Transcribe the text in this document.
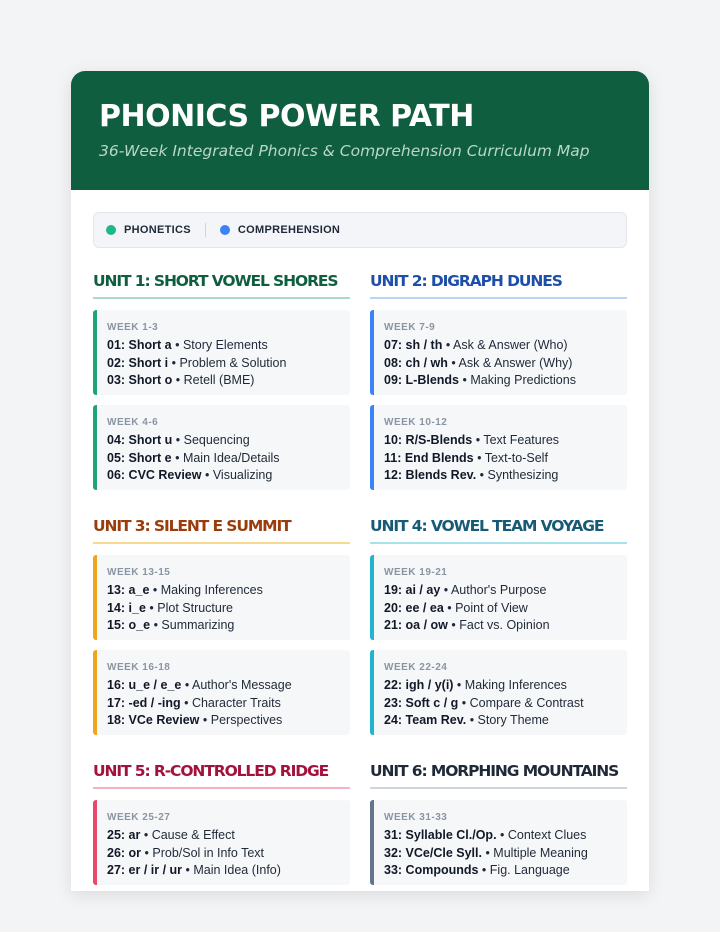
PHONICS POWER PATH
36-Week Integrated Phonics & Comprehension Curriculum Map
PHONETICS	COMPREHENSION
UNIT 1: SHORT VOWEL SHORES
WEEK 1-3
01: Short a • Story Elements
02: Short i • Problem & Solution
03: Short o • Retell (BME)
WEEK 4-6
04: Short u • Sequencing
05: Short e • Main Idea/Details
06: CVC Review • Visualizing
UNIT 2: DIGRAPH DUNES
WEEK 7-9
07: sh / th • Ask & Answer (Who)
08: ch / wh • Ask & Answer (Why)
09: L-Blends • Making Predictions
WEEK 10-12
10: R/S-Blends • Text Features
11: End Blends • Text-to-Self
12: Blends Rev. • Synthesizing
UNIT 3: SILENT E SUMMIT
WEEK 13-15
13: a_e • Making Inferences
14: i_e • Plot Structure
15: o_e • Summarizing
WEEK 16-18
16: u_e / e_e • Author's Message
17: -ed / -ing • Character Traits
18: VCe Review • Perspectives
UNIT 4: VOWEL TEAM VOYAGE
WEEK 19-21
19: ai / ay • Author's Purpose
20: ee / ea • Point of View
21: oa / ow • Fact vs. Opinion
WEEK 22-24
22: igh / y(i) • Making Inferences
23: Soft c / g • Compare & Contrast
24: Team Rev. • Story Theme
UNIT 5: R-CONTROLLED RIDGE
WEEK 25-27
25: ar • Cause & Effect
26: or • Prob/Sol in Info Text
27: er / ir / ur • Main Idea (Info)
UNIT 6: MORPHING MOUNTAINS
WEEK 31-33
31: Syllable Cl./Op. • Context Clues
32: VCe/Cle Syll. • Multiple Meaning
33: Compounds • Fig. Language
